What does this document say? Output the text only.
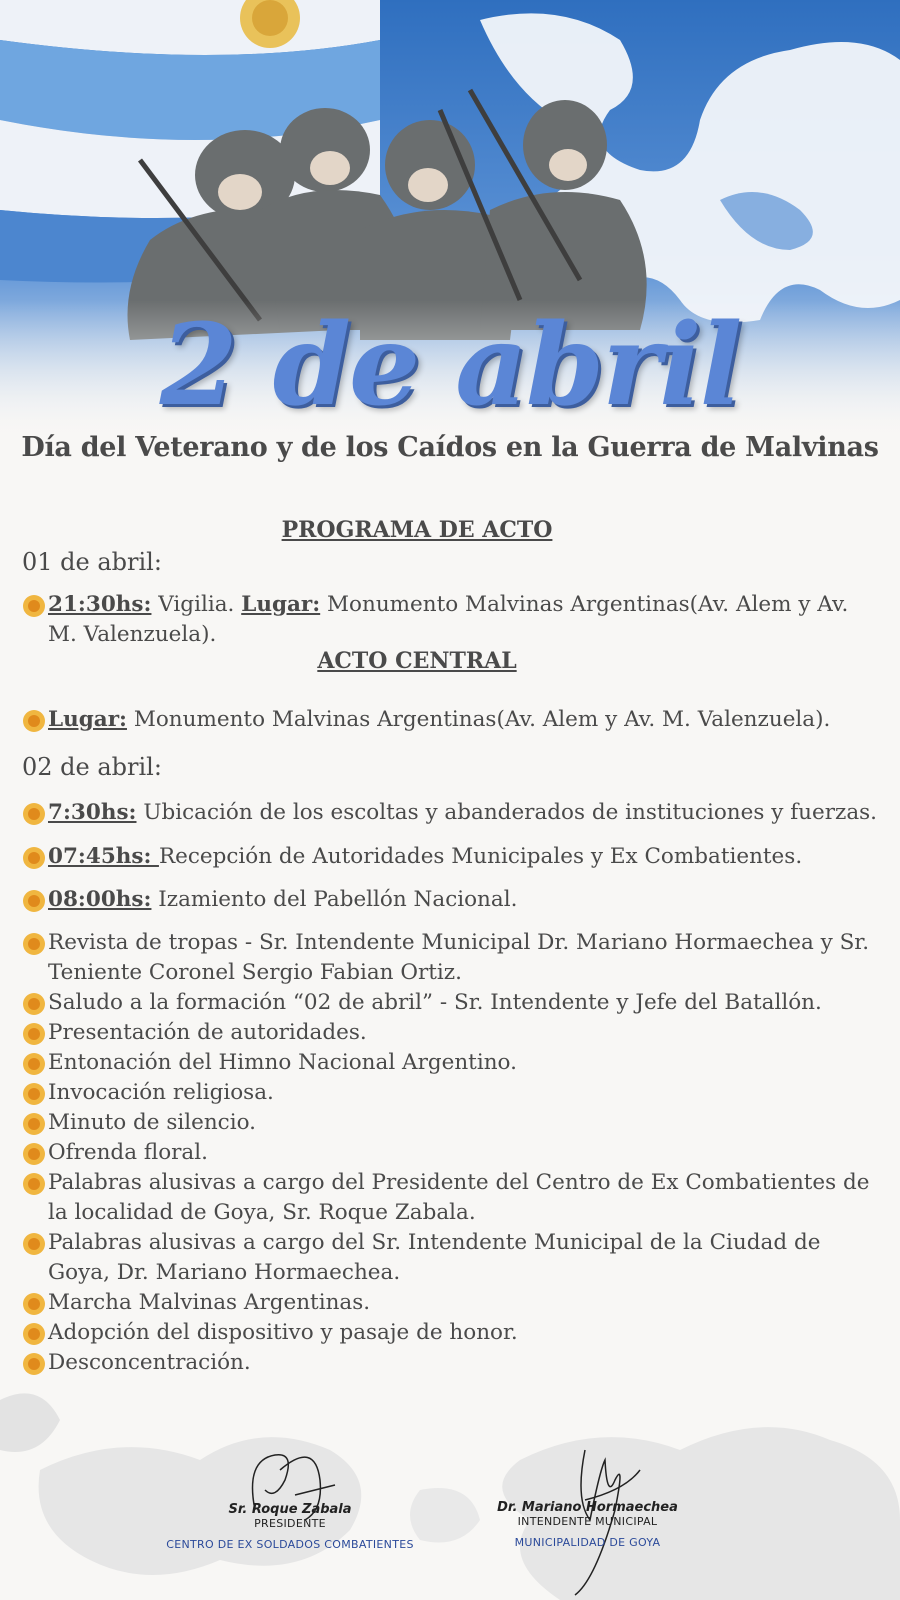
2 de abril
Día del Veterano y de los Caídos en la Guerra de Malvinas
PROGRAMA DE ACTO
01 de abril:
21:30hs: Vigilia. Lugar: Monumento Malvinas Argentinas(Av. Alem y Av. M. Valenzuela).
ACTO CENTRAL
Lugar: Monumento Malvinas Argentinas(Av. Alem y Av. M. Valenzuela).
02 de abril:
7:30hs: Ubicación de los escoltas y abanderados de instituciones y fuerzas.
07:45hs: Recepción de Autoridades Municipales y Ex Combatientes.
08:00hs: Izamiento del Pabellón Nacional.
Revista de tropas - Sr. Intendente Municipal Dr. Mariano Hormaechea y Sr. Teniente Coronel Sergio Fabian Ortiz.
Saludo a la formación “02 de abril” - Sr. Intendente y Jefe del Batallón.
Presentación de autoridades.
Entonación del Himno Nacional Argentino.
Invocación religiosa.
Minuto de silencio.
Ofrenda floral.
Palabras alusivas a cargo del Presidente del Centro de Ex Combatientes de la localidad de Goya, Sr. Roque Zabala.
Palabras alusivas a cargo del Sr. Intendente Municipal de la Ciudad de Goya, Dr. Mariano Hormaechea.
Marcha Malvinas Argentinas.
Adopción del dispositivo y pasaje de honor.
Desconcentración.
Sr. Roque Zabala
PRESIDENTE
CENTRO DE EX SOLDADOS COMBATIENTES
Dr. Mariano Hormaechea
INTENDENTE MUNICIPAL
MUNICIPALIDAD DE GOYA
